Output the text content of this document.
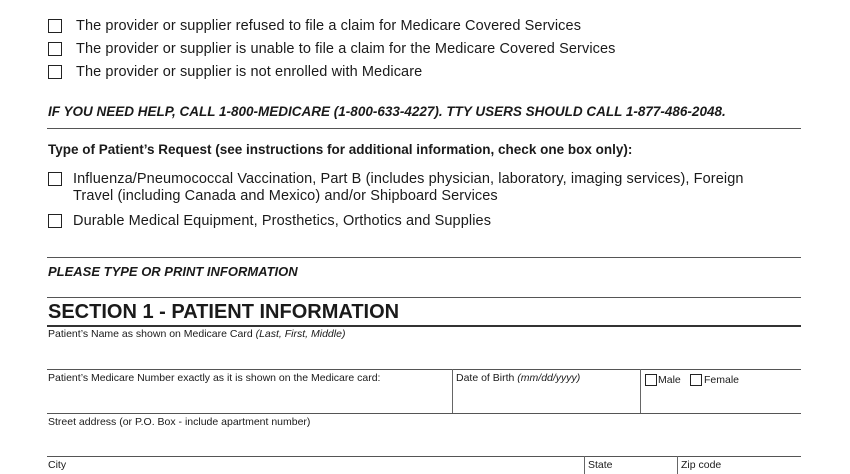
The provider or supplier refused to file a claim for Medicare Covered Services
The provider or supplier is unable to file a claim for the Medicare Covered Services
The provider or supplier is not enrolled with Medicare
IF YOU NEED HELP, CALL 1-800-MEDICARE (1-800-633-4227). TTY USERS SHOULD CALL 1-877-486-2048.
Type of Patient’s Request (see instructions for additional information, check one box only):
Influenza/Pneumococcal Vaccination, Part B (includes physician, laboratory, imaging services), Foreign
Travel (including Canada and Mexico) and/or Shipboard Services
Durable Medical Equipment, Prosthetics, Orthotics and Supplies
PLEASE TYPE OR PRINT INFORMATION
SECTION 1 - PATIENT INFORMATION
Patient’s Name as shown on Medicare Card (Last, First, Middle)
Patient’s Medicare Number exactly as it is shown on the Medicare card:	Date of Birth (mm/dd/yyyy)	Male Female
Street address (or P.O. Box - include apartment number)
City	State	Zip code
